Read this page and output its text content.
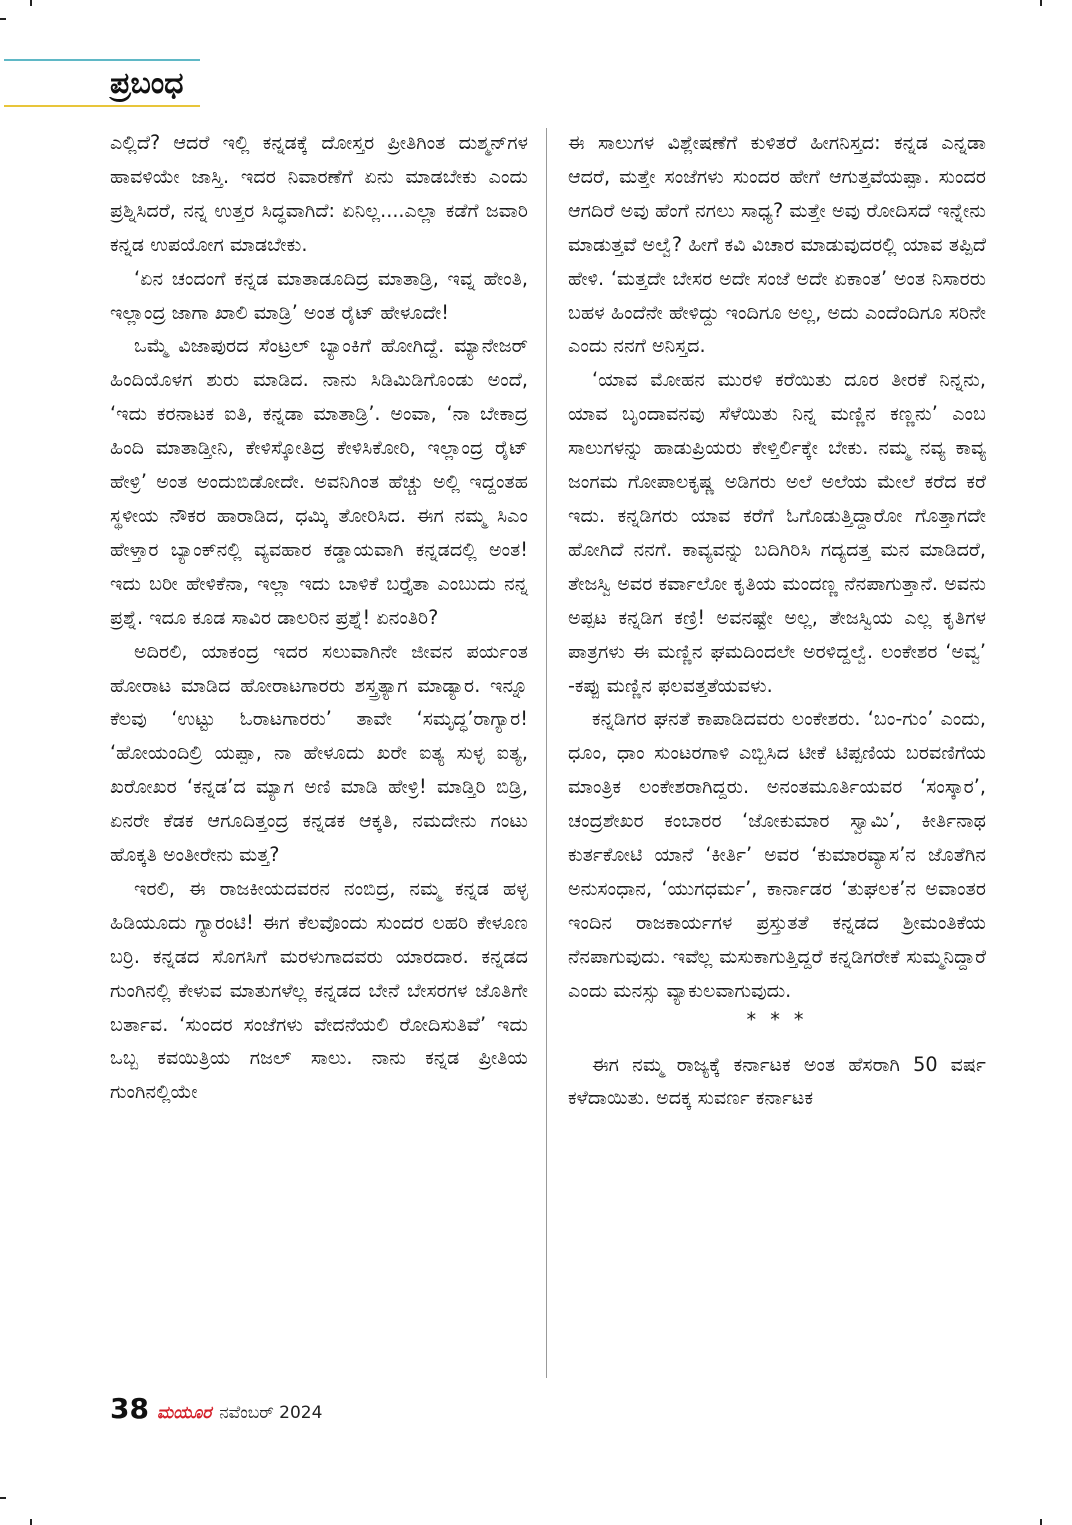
ಪ್ರಬಂಧ

ಎಲ್ಲಿದೆ? ಆದರೆ ಇಲ್ಲಿ ಕನ್ನಡಕ್ಕೆ ದೋಸ್ತರ ಪ್ರೀತಿಗಿಂತ ದುಶ್ಮನ್‌ಗಳ ಹಾವಳಿಯೇ ಜಾಸ್ತಿ. ಇದರ ನಿವಾರಣೆಗೆ ಏನು ಮಾಡಬೇಕು ಎಂದು ಪ್ರಶ್ನಿಸಿದರೆ, ನನ್ನ ಉತ್ತರ ಸಿದ್ಧವಾಗಿದೆ: ಏನಿಲ್ಲ....ಎಲ್ಲಾ ಕಡೆಗೆ ಜವಾರಿ ಕನ್ನಡ ಉಪಯೋಗ ಮಾಡಬೇಕು.

‘ಏನ ಚಂದಂಗೆ ಕನ್ನಡ ಮಾತಾಡೂದಿದ್ರ ಮಾತಾಡ್ರಿ, ಇವ್ನ ಹೇಂತಿ, ಇಲ್ಲಾಂದ್ರ ಜಾಗಾ ಖಾಲಿ ಮಾಡ್ರಿ’ ಅಂತ ರೈಟ್ ಹೇಳೂದೇ!

ಒಮ್ಮೆ ವಿಜಾಪುರದ ಸೆಂಟ್ರಲ್ ಬ್ಯಾಂಕಿಗೆ ಹೋಗಿದ್ದೆ. ಮ್ಯಾನೇಜರ್ ಹಿಂದಿಯೊಳಗ ಶುರು ಮಾಡಿದ. ನಾನು ಸಿಡಿಮಿಡಿಗೊಂಡು ಅಂದೆ, ‘ಇದು ಕರನಾಟಕ ಐತಿ, ಕನ್ನಡಾ ಮಾತಾಡ್ರಿ’. ಅಂವಾ, ‘ನಾ ಬೇಕಾದ್ರ ಹಿಂದಿ ಮಾತಾಡ್ತೀನಿ, ಕೇಳಿಸ್ಕೋತಿದ್ರ ಕೇಳಿಸಿಕೋರಿ, ಇಲ್ಲಾಂದ್ರ ರೈಟ್ ಹೇಳ್ರಿ’ ಅಂತ ಅಂದುಬಿಡೋದೇ. ಅವನಿಗಿಂತ ಹೆಚ್ಚು ಅಲ್ಲಿ ಇದ್ದಂತಹ ಸ್ಥಳೀಯ ನೌಕರ ಹಾರಾಡಿದ, ಧಮ್ಕಿ ತೋರಿಸಿದ. ಈಗ ನಮ್ಮ ಸಿಎಂ ಹೇಳ್ತಾರ ಬ್ಯಾಂಕ್‌ನಲ್ಲಿ ವ್ಯವಹಾರ ಕಡ್ಡಾಯವಾಗಿ ಕನ್ನಡದಲ್ಲಿ ಅಂತ! ಇದು ಬರೀ ಹೇಳಿಕೆನಾ, ಇಲ್ಲಾ ಇದು ಬಾಳಿಕೆ ಬರ್‍ತೈತಾ ಎಂಬುದು ನನ್ನ ಪ್ರಶ್ನೆ. ಇದೂ ಕೂಡ ಸಾವಿರ ಡಾಲರಿನ ಪ್ರಶ್ನೆ! ಏನಂತಿರಿ?

ಅದಿರಲಿ, ಯಾಕಂದ್ರ ಇದರ ಸಲುವಾಗಿನೇ ಜೀವನ ಪರ್ಯಂತ ಹೋರಾಟ ಮಾಡಿದ ಹೋರಾಟಗಾರರು ಶಸ್ತ್ರತ್ಯಾಗ ಮಾಡ್ಯಾರ. ಇನ್ನೂ ಕೆಲವು ‘ಉಟ್ಟು ಓರಾಟಗಾರರು’ ತಾವೇ ‘ಸಮೃದ್ಧ’ರಾಗ್ಯಾರ! ‘ಹೋಯಂದಿಲ್ರಿ ಯಪ್ಪಾ, ನಾ ಹೇಳೂದು ಖರೇ ಐತ್ಯ ಸುಳ್ಳ ಐತ್ಯ, ಖರೋಖರ ‘ಕನ್ನಡ’ದ ಮ್ಯಾಗ ಅಣಿ ಮಾಡಿ ಹೇಳ್ರಿ! ಮಾಡ್ತಿರಿ ಬಿಡ್ರಿ, ಏನರೇ ಕೆಡಕ ಆಗೂದಿತ್ತಂದ್ರ ಕನ್ನಡಕ ಆಕ್ಕತಿ, ನಮದೇನು ಗಂಟು ಹೊಕ್ಕತಿ ಅಂತೀರೇನು ಮತ್ತ?

ಇರಲಿ, ಈ ರಾಜಕೀಯದವರನ ನಂಬಿದ್ರ, ನಮ್ಮ ಕನ್ನಡ ಹಳ್ಳ ಹಿಡಿಯೂದು ಗ್ಯಾರಂಟಿ! ಈಗ ಕೆಲವೊಂದು ಸುಂದರ ಲಹರಿ ಕೇಳೂಣ ಬರ್‍ರಿ. ಕನ್ನಡದ ಸೊಗಸಿಗೆ ಮರಳುಗಾದವರು ಯಾರದಾರ. ಕನ್ನಡದ ಗುಂಗಿನಲ್ಲಿ ಕೇಳುವ ಮಾತುಗಳೆಲ್ಲ ಕನ್ನಡದ ಬೇನೆ ಬೇಸರಗಳ ಜೊತಿಗೇ ಬರ್ತಾವ. ‘ಸುಂದರ ಸಂಜೆಗಳು ವೇದನೆಯಲಿ ರೋದಿಸುತಿವೆ’ ಇದು ಒಬ್ಬ ಕವಯಿತ್ರಿಯ ಗಜಲ್ ಸಾಲು. ನಾನು ಕನ್ನಡ ಪ್ರೀತಿಯ ಗುಂಗಿನಲ್ಲಿಯೇ

ಈ ಸಾಲುಗಳ ವಿಶ್ಲೇಷಣೆಗೆ ಕುಳಿತರೆ ಹೀಗನಿಸ್ತದ: ಕನ್ನಡ ಎನ್ನಡಾ ಆದರೆ, ಮತ್ತೇ ಸಂಜೆಗಳು ಸುಂದರ ಹೇಗೆ ಆಗುತ್ತವೆಯಪ್ಪಾ. ಸುಂದರ ಆಗದಿರೆ ಅವು ಹೆಂಗೆ ನಗಲು ಸಾಧ್ಯ? ಮತ್ತೇ ಅವು ರೋದಿಸದೆ ಇನ್ನೇನು ಮಾಡುತ್ತವೆ ಅಲ್ವೆ? ಹೀಗೆ ಕವಿ ವಿಚಾರ ಮಾಡುವುದರಲ್ಲಿ ಯಾವ ತಪ್ಪಿದೆ ಹೇಳಿ. ‘ಮತ್ತದೇ ಬೇಸರ ಅದೇ ಸಂಜೆ ಅದೇ ಏಕಾಂತ’ ಅಂತ ನಿಸಾರರು ಬಹಳ ಹಿಂದೆನೇ ಹೇಳಿದ್ದು ಇಂದಿಗೂ ಅಲ್ಲ, ಅದು ಎಂದೆಂದಿಗೂ ಸರಿನೇ ಎಂದು ನನಗೆ ಅನಿಸ್ತದ.

‘ಯಾವ ಮೋಹನ ಮುರಳಿ ಕರೆಯಿತು ದೂರ ತೀರಕೆ ನಿನ್ನನು, ಯಾವ ಬೃಂದಾವನವು ಸೆಳೆಯಿತು ನಿನ್ನ ಮಣ್ಣಿನ ಕಣ್ಣನು’ ಎಂಬ ಸಾಲುಗಳನ್ನು ಹಾಡುಪ್ರಿಯರು ಕೇಳ್ತಿರ್ಲಿಕ್ಕೇ ಬೇಕು. ನಮ್ಮ ನವ್ಯ ಕಾವ್ಯ ಜಂಗಮ ಗೋಪಾಲಕೃಷ್ಣ ಅಡಿಗರು ಅಲೆ ಅಲೆಯ ಮೇಲೆ ಕರೆದ ಕರೆ ಇದು. ಕನ್ನಡಿಗರು ಯಾವ ಕರೆಗೆ ಓಗೊಡುತ್ತಿದ್ದಾರೋ ಗೊತ್ತಾಗದೇ ಹೋಗಿದೆ ನನಗೆ. ಕಾವ್ಯವನ್ನು ಬದಿಗಿರಿಸಿ ಗದ್ಯದತ್ತ ಮನ ಮಾಡಿದರೆ, ತೇಜಸ್ವಿ ಅವರ ಕರ್ವಾಲೋ ಕೃತಿಯ ಮಂದಣ್ಣ ನೆನಪಾಗುತ್ತಾನೆ. ಅವನು ಅಪ್ಪಟ ಕನ್ನಡಿಗ ಕಣ್ರಿ! ಅವನಷ್ಟೇ ಅಲ್ಲ, ತೇಜಸ್ವಿಯ ಎಲ್ಲ ಕೃತಿಗಳ ಪಾತ್ರಗಳು ಈ ಮಣ್ಣಿನ ಘಮದಿಂದಲೇ ಅರಳಿದ್ದಲ್ವೆ. ಲಂಕೇಶರ ‘ಅವ್ವ’ -ಕಪ್ಪು ಮಣ್ಣಿನ ಫಲವತ್ತತೆಯವಳು.

ಕನ್ನಡಿಗರ ಘನತೆ ಕಾಪಾಡಿದವರು ಲಂಕೇಶರು. ‘ಬಂ-ಗುಂ’ ಎಂದು, ಧೂಂ, ಧಾಂ ಸುಂಟರಗಾಳಿ ಎಬ್ಬಿಸಿದ ಟೀಕೆ ಟಿಪ್ಪಣಿಯ ಬರವಣಿಗೆಯ ಮಾಂತ್ರಿಕ ಲಂಕೇಶರಾಗಿದ್ದರು. ಅನಂತಮೂರ್ತಿಯವರ ‘ಸಂಸ್ಕಾರ’, ಚಂದ್ರಶೇಖರ ಕಂಬಾರರ ‘ಜೋಕುಮಾರ ಸ್ವಾಮಿ’, ಕೀರ್ತಿನಾಥ ಕುರ್ತಕೋಟಿ ಯಾನೆ ‘ಕೀರ್ತಿ’ ಅವರ ‘ಕುಮಾರವ್ಯಾಸ’ನ ಜೊತೆಗಿನ ಅನುಸಂಧಾನ, ‘ಯುಗಧರ್ಮ’, ಕಾರ್ನಾಡರ ‘ತುಘಲಕ’ನ ಅವಾಂತರ ಇಂದಿನ ರಾಜಕಾರ್ಯಗಳ ಪ್ರಸ್ತುತತೆ ಕನ್ನಡದ ಶ್ರೀಮಂತಿಕೆಯ ನೆನಪಾಗುವುದು. ಇವೆಲ್ಲ ಮಸುಕಾಗುತ್ತಿದ್ದರೆ ಕನ್ನಡಿಗರೇಕೆ ಸುಮ್ಮನಿದ್ದಾರೆ ಎಂದು ಮನಸ್ಸು ವ್ಯಾಕುಲವಾಗುವುದು.

* * *

ಈಗ ನಮ್ಮ ರಾಜ್ಯಕ್ಕೆ ಕರ್ನಾಟಕ ಅಂತ ಹೆಸರಾಗಿ 50 ವರ್ಷ ಕಳೆದಾಯಿತು. ಅದಕ್ಕ ಸುವರ್ಣ ಕರ್ನಾಟಕ

38 ಮಯೂರ ನವೆಂಬರ್ 2024
